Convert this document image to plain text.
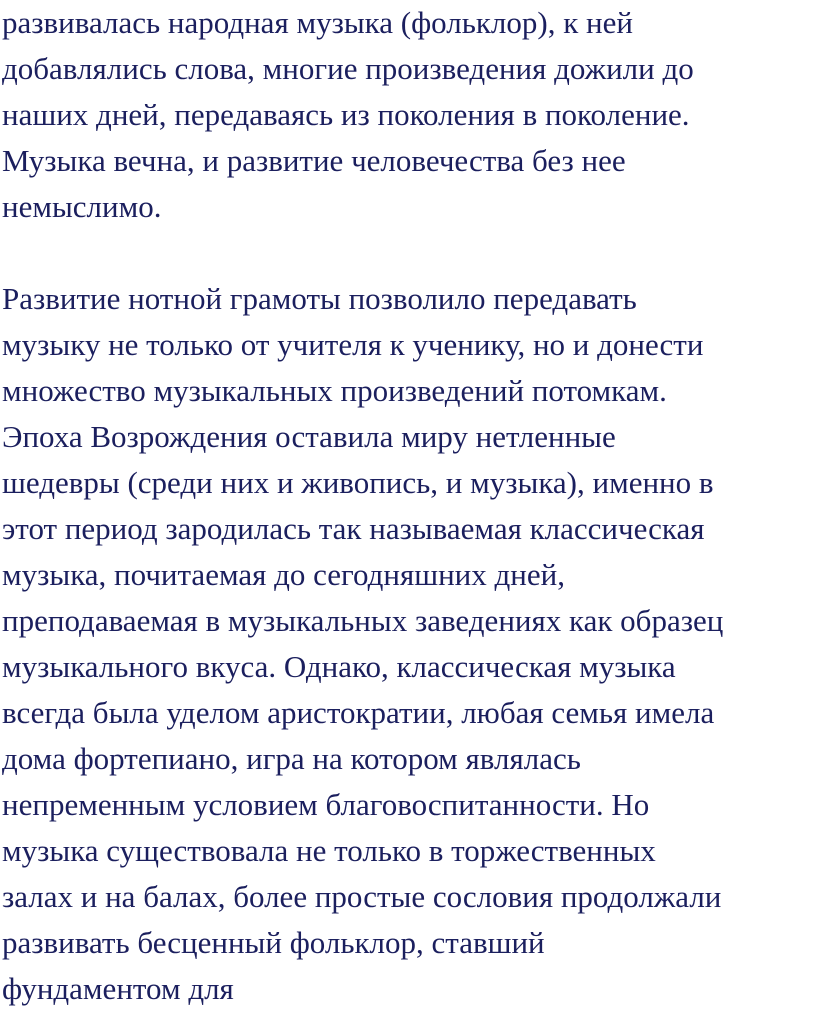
развивалась народная музыка (фольклор), к ней
добавлялись слова, многие произведения дожили до
наших дней, передаваясь из поколения в поколение.
Музыка вечна, и развитие человечества без нее
немыслимо.
Развитие нотной грамоты позволило передавать
музыку не только от учителя к ученику, но и донести
множество музыкальных произведений потомкам.
Эпоха Возрождения оставила миру нетленные
шедевры (среди них и живопись, и музыка), именно в
этот период зародилась так называемая классическая
музыка, почитаемая до сегодняшних дней,
преподаваемая в музыкальных заведениях как образец
музыкального вкуса. Однако, классическая музыка
всегда была уделом аристократии, любая семья имела
дома фортепиано, игра на котором являлась
непременным условием благовоспитанности. Но
музыка существовала не только в торжественных
залах и на балах, более простые сословия продолжали
развивать бесценный фольклор, ставший
фундаментом для
